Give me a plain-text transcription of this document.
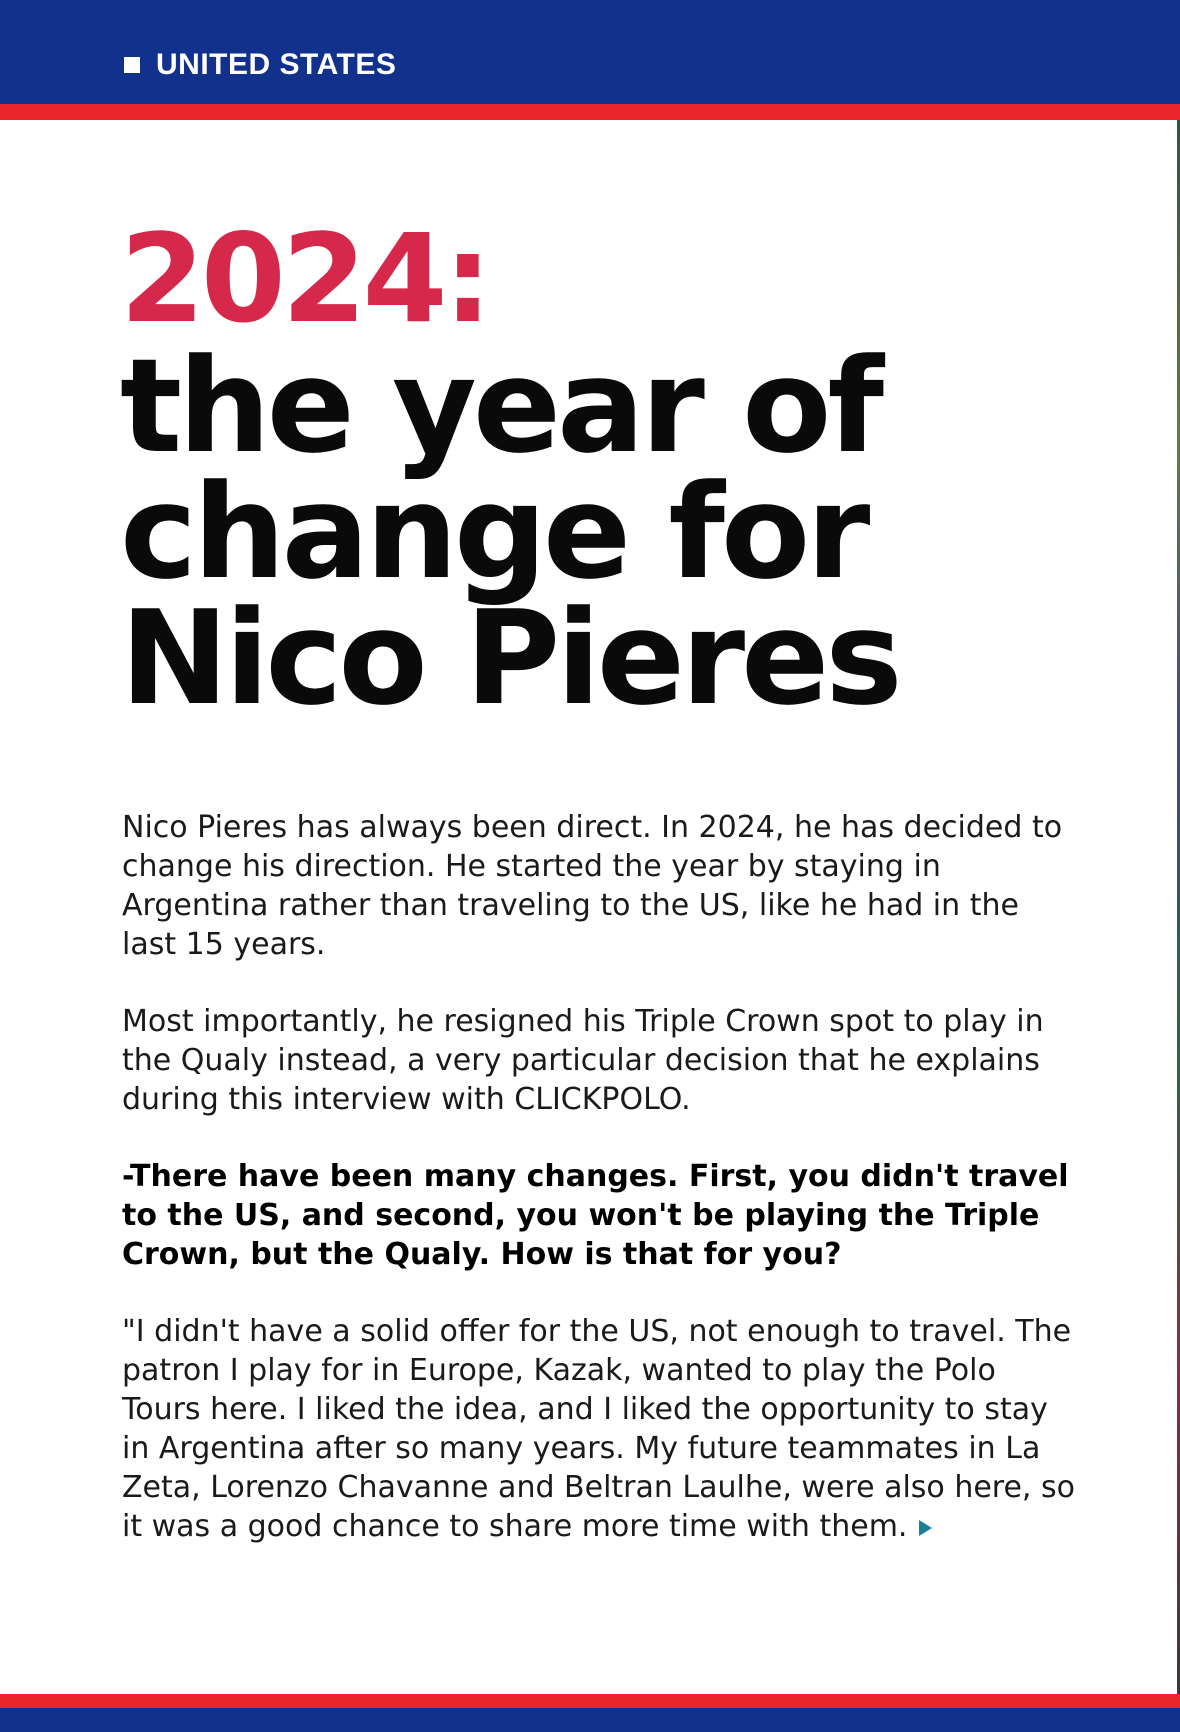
UNITED STATES
2024:
the year of
change for
Nico Pieres

Nico Pieres has always been direct. In 2024, he has decided to change his direction. He started the year by staying in Argentina rather than traveling to the US, like he had in the last 15 years.

Most importantly, he resigned his Triple Crown spot to play in the Qualy instead, a very particular decision that he explains during this interview with CLICKPOLO.

-There have been many changes. First, you didn't travel to the US, and second, you won't be playing the Triple Crown, but the Qualy. How is that for you?

"I didn't have a solid offer for the US, not enough to travel. The patron I play for in Europe, Kazak, wanted to play the Polo Tours here. I liked the idea, and I liked the opportunity to stay in Argentina after so many years. My future teammates in La Zeta, Lorenzo Chavanne and Beltran Laulhe, were also here, so it was a good chance to share more time with them.
